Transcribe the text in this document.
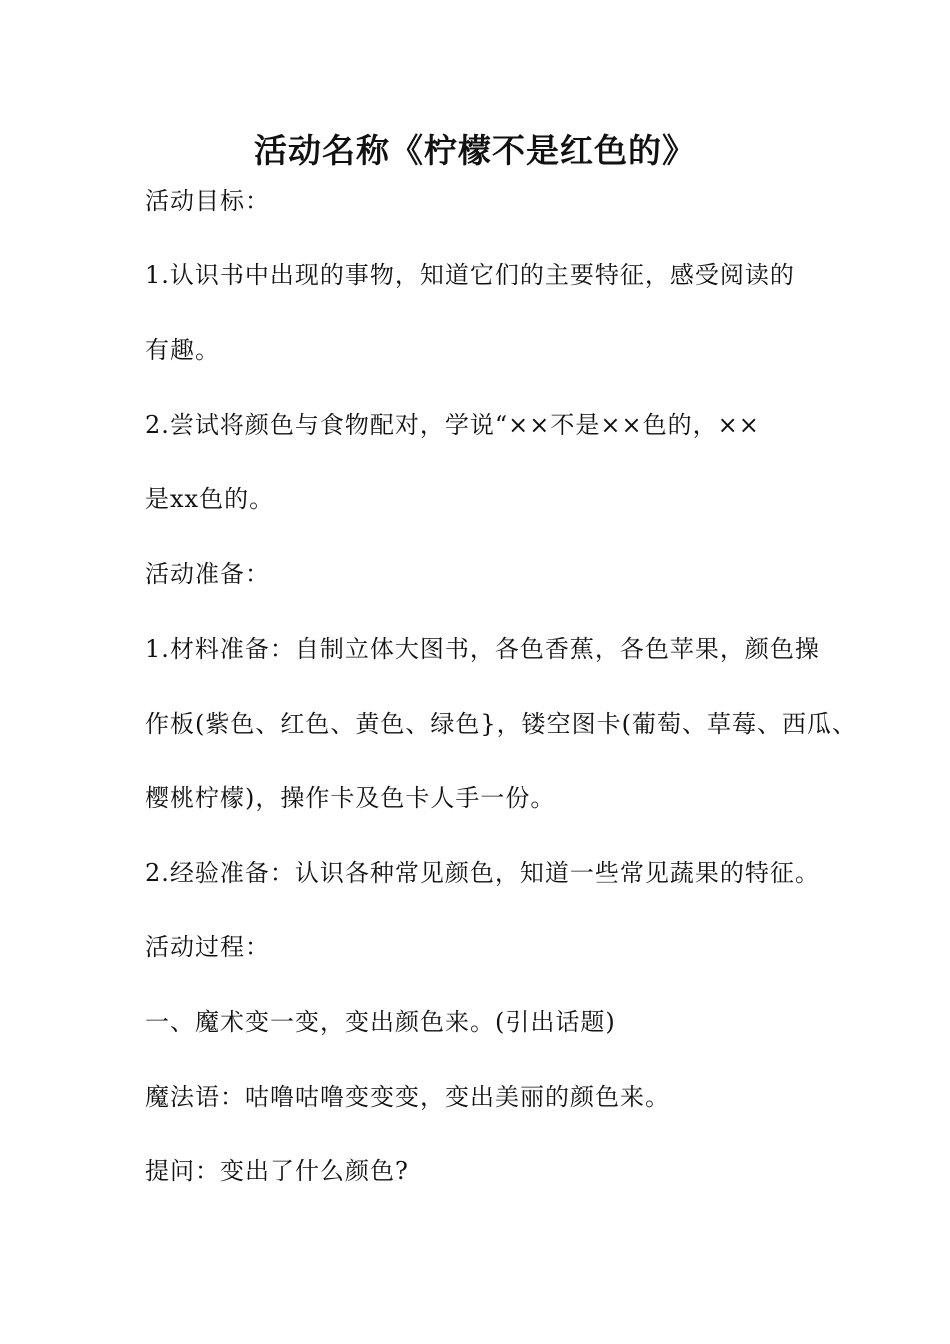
活动名称《柠檬不是红色的》
活动目标：
1.认识书中出现的事物，知道它们的主要特征，感受阅读的
有趣。
2.尝试将颜色与食物配对，学说“××不是××色的，××
是xx色的。
活动准备：
1.材料准备：自制立体大图书，各色香蕉，各色苹果，颜色操
作板(紫色、红色、黄色、绿色}，镂空图卡(葡萄、草莓、西瓜、
樱桃柠檬)，操作卡及色卡人手一份。
2.经验准备：认识各种常见颜色，知道一些常见蔬果的特征。
活动过程：
一、魔术变一变，变出颜色来。(引出话题)
魔法语：咕噜咕噜变变变，变出美丽的颜色来。
提问：变出了什么颜色?
